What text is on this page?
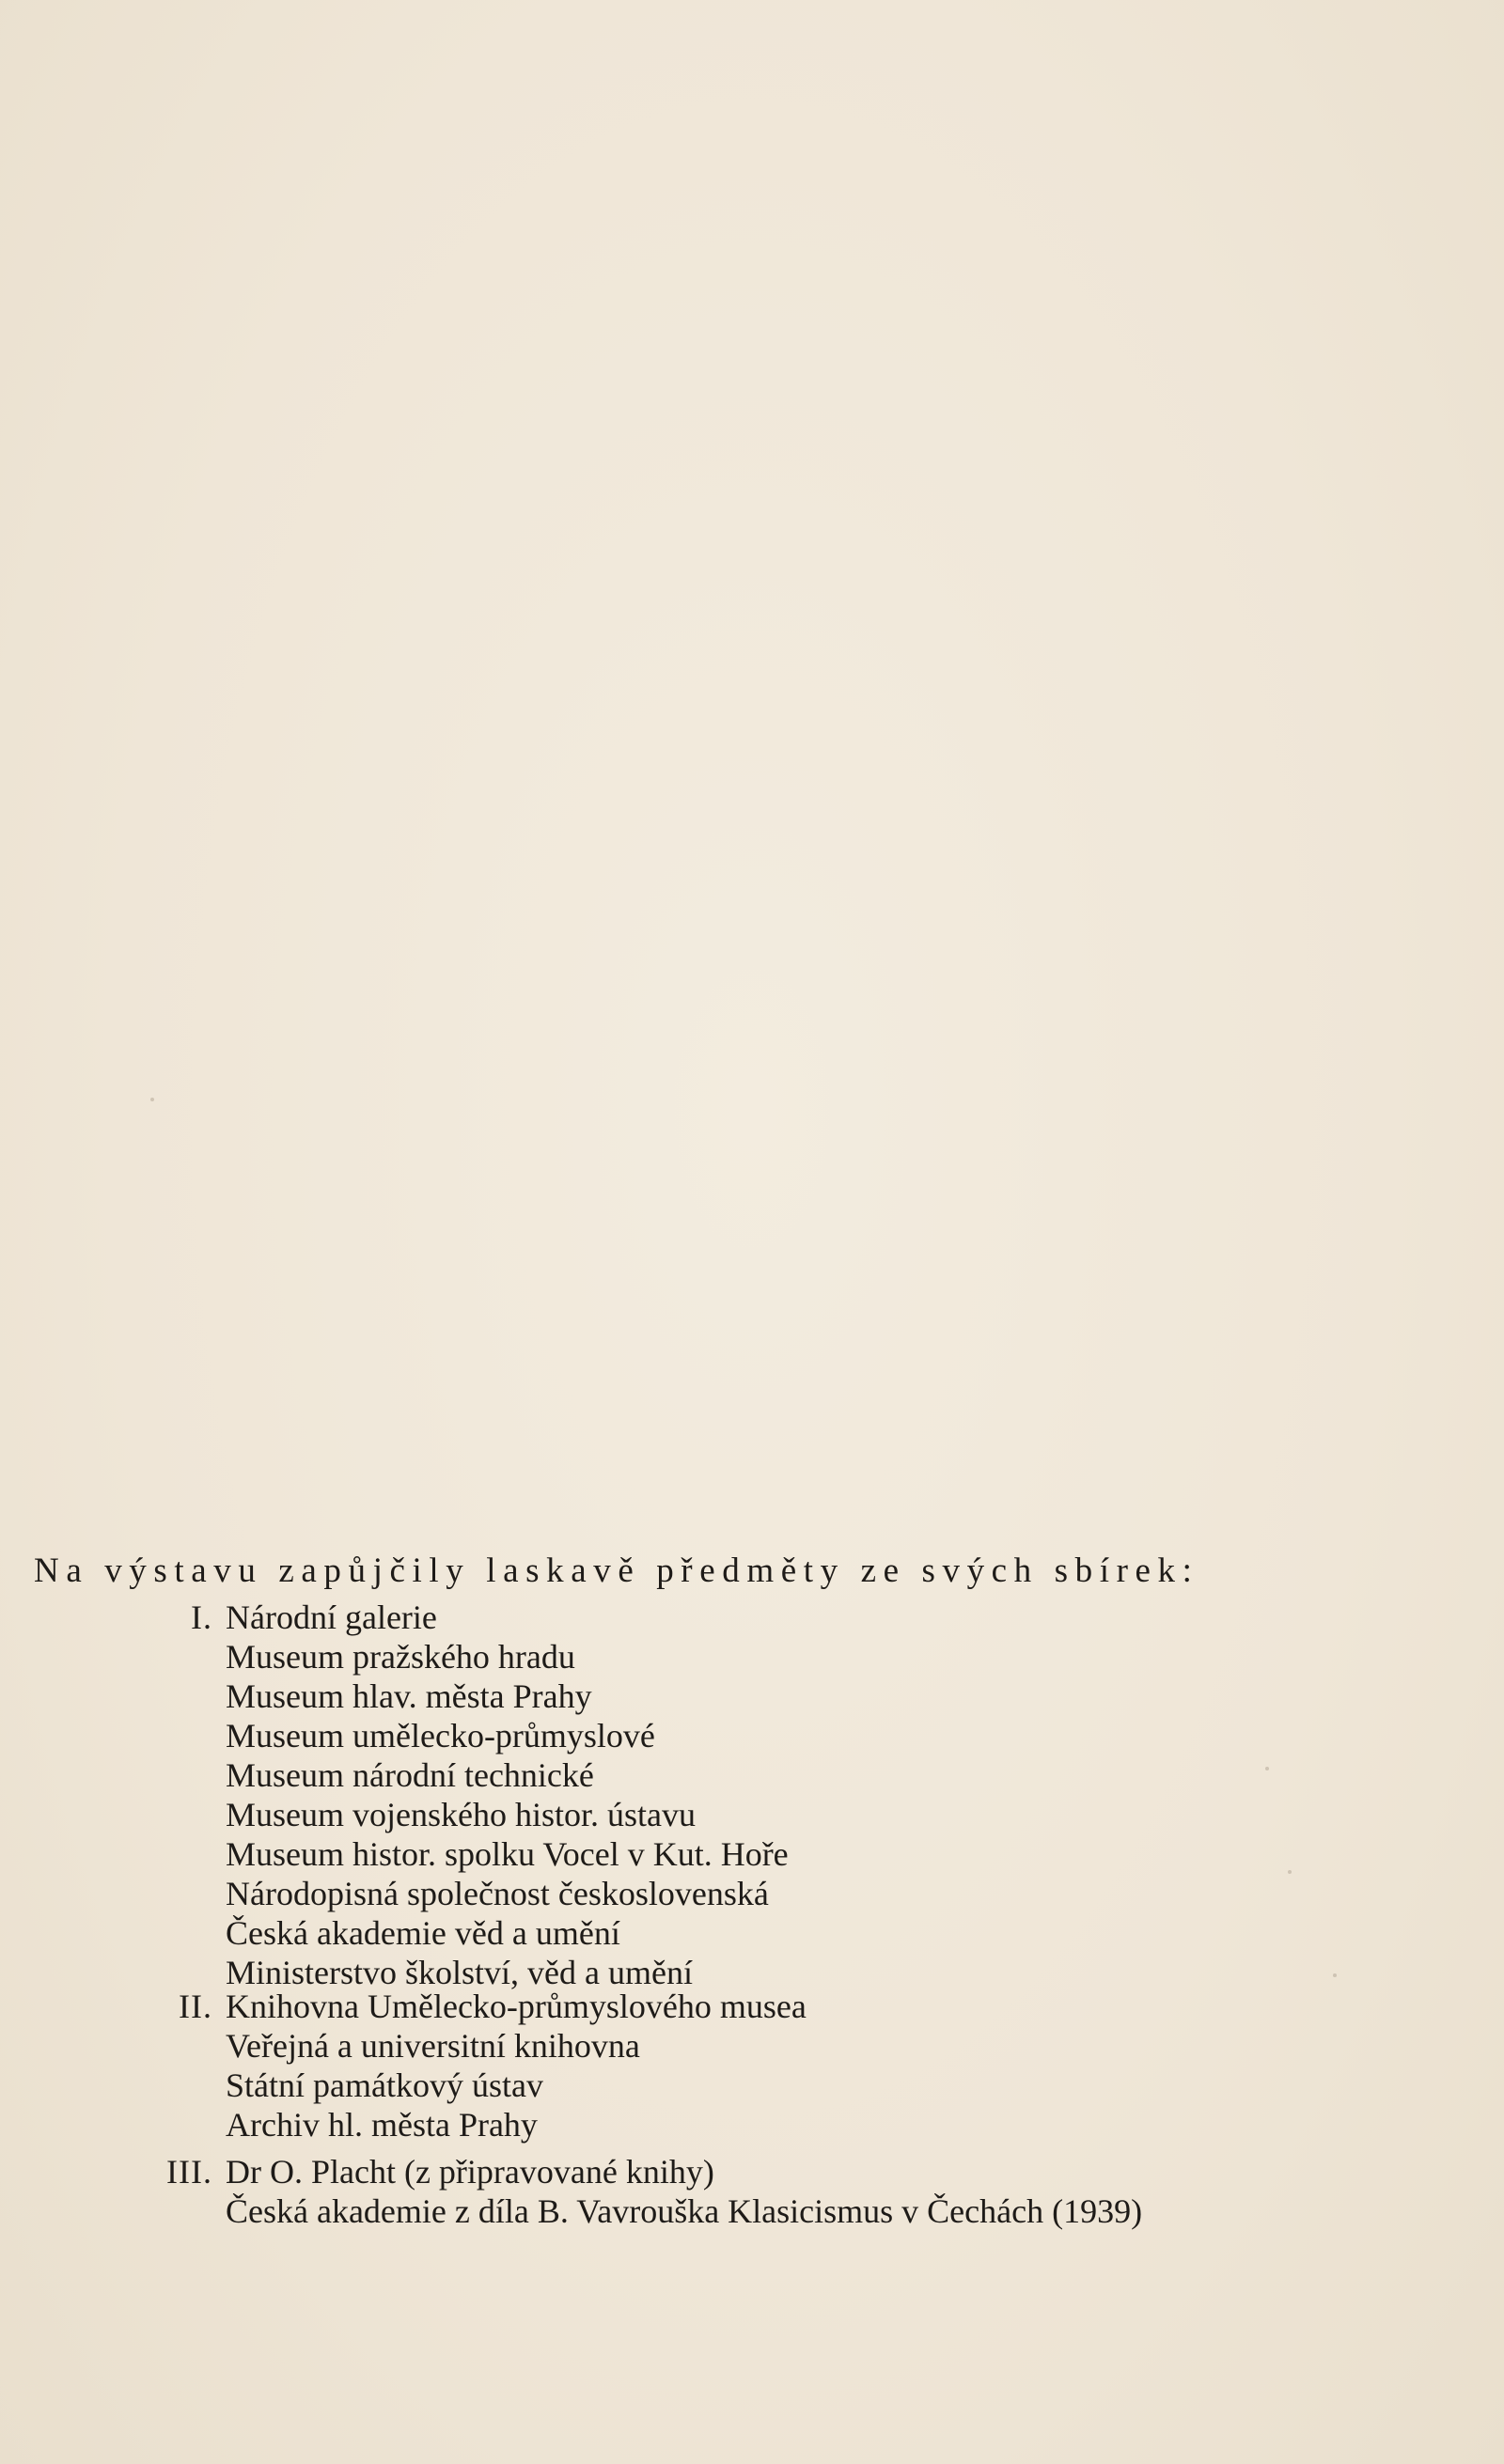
Na výstavu zapůjčily laskavě předměty ze svých sbírek:
I. Národní galerie
Museum pražského hradu
Museum hlav. města Prahy
Museum umělecko-průmyslové
Museum národní technické
Museum vojenského histor. ústavu
Museum histor. spolku Vocel v Kut. Hoře
Národopisná společnost československá
Česká akademie věd a umění
Ministerstvo školství, věd a umění
II. Knihovna Umělecko-průmyslového musea
Veřejná a universitní knihovna
Státní památkový ústav
Archiv hl. města Prahy
III. Dr O. Placht (z připravované knihy)
Česká akademie z díla B. Vavrouška Klasicismus v Čechách (1939)
